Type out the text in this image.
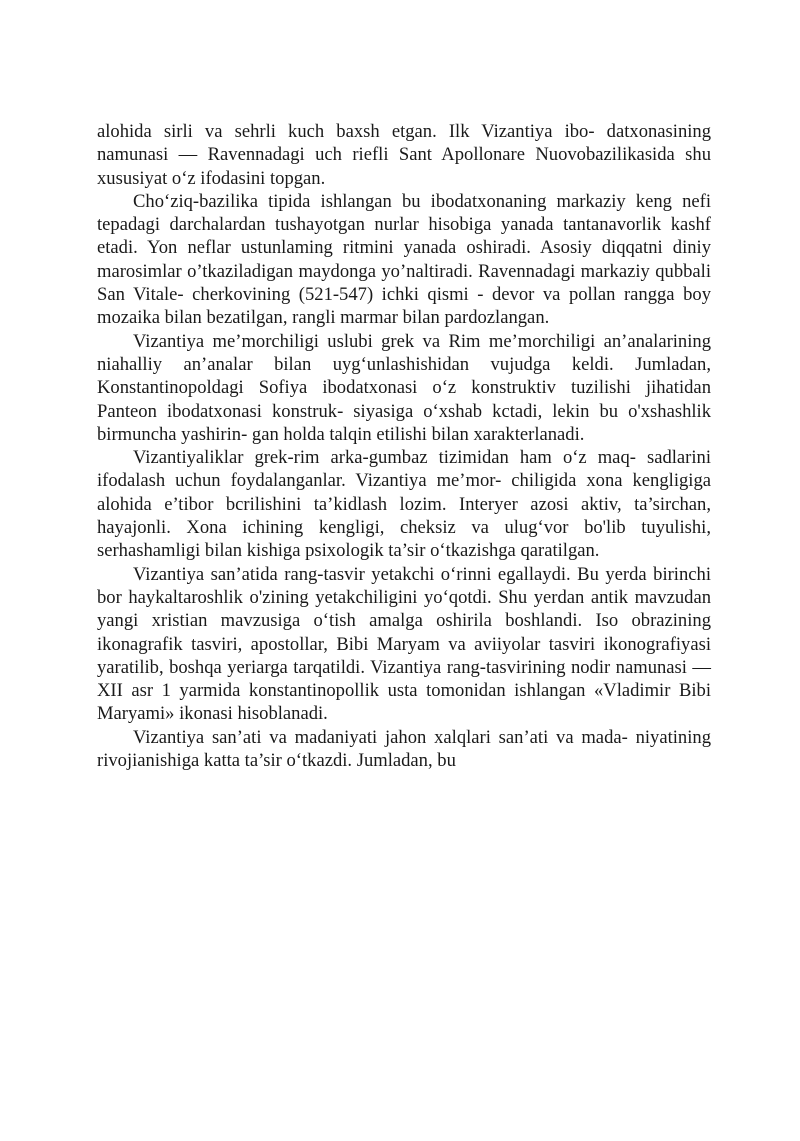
alohida sirli va sehrli kuch baxsh etgan. Ilk Vizantiya ibo- datxonasining namunasi — Ravennadagi uch riefli Sant Apollonare Nuovobazilikasida shu xususiyat o‘z ifodasini topgan.

Cho‘ziq-bazilika tipida ishlangan bu ibodatxonaning markaziy keng nefi tepadagi darchalardan tushayotgan nurlar hisobiga yanada tantanavorlik kashf etadi. Yon neflar ustunlaming ritmini yanada oshiradi. Asosiy diqqatni diniy marosimlar o’tkaziladigan maydonga yo’naltiradi. Ravennadagi markaziy qubbali San Vitale- cherkovining (521-547) ichki qismi - devor va pollan rangga boy mozaika bilan bezatilgan, rangli marmar bilan pardozlangan.

Vizantiya me’morchiligi uslubi grek va Rim me’morchiligi an’analarining niahalliy an’analar bilan uyg‘unlashishidan vujudga keldi. Jumladan, Konstantinopoldagi Sofiya ibodatxonasi o‘z konstruktiv tuzilishi jihatidan Panteon ibodatxonasi konstruk- siyasiga o‘xshab kctadi, lekin bu o'xshashlik birmuncha yashirin- gan holda talqin etilishi bilan xarakterlanadi.

Vizantiyaliklar grek-rim arka-gumbaz tizimidan ham o‘z maq- sadlarini ifodalash uchun foydalanganlar. Vizantiya me’mor- chiligida xona kengligiga alohida e’tibor bcrilishini ta’kidlash lozim. Interyer azosi aktiv, ta’sirchan, hayajonli. Xona ichining kengligi, cheksiz va ulug‘vor bo'lib tuyulishi, serhashamligi bilan kishiga psixologik ta’sir o‘tkazishga qaratilgan.

Vizantiya san’atida rang-tasvir yetakchi o‘rinni egallaydi. Bu yerda birinchi bor haykaltaroshlik o'zining yetakchiligini yo‘qotdi. Shu yerdan antik mavzudan yangi xristian mavzusiga o‘tish amalga oshirila boshlandi. Iso obrazining ikonagrafik tasviri, apostollar, Bibi Maryam va aviiyolar tasviri ikonografiyasi yaratilib, boshqa yeriarga tarqatildi. Vizantiya rang-tasvirining nodir namunasi — XII asr 1 yarmida konstantinopollik usta tomonidan ishlangan «Vladimir Bibi Maryami» ikonasi hisoblanadi.

Vizantiya san’ati va madaniyati jahon xalqlari san’ati va mada- niyatining rivojianishiga katta ta’sir o‘tkazdi. Jumladan, bu
